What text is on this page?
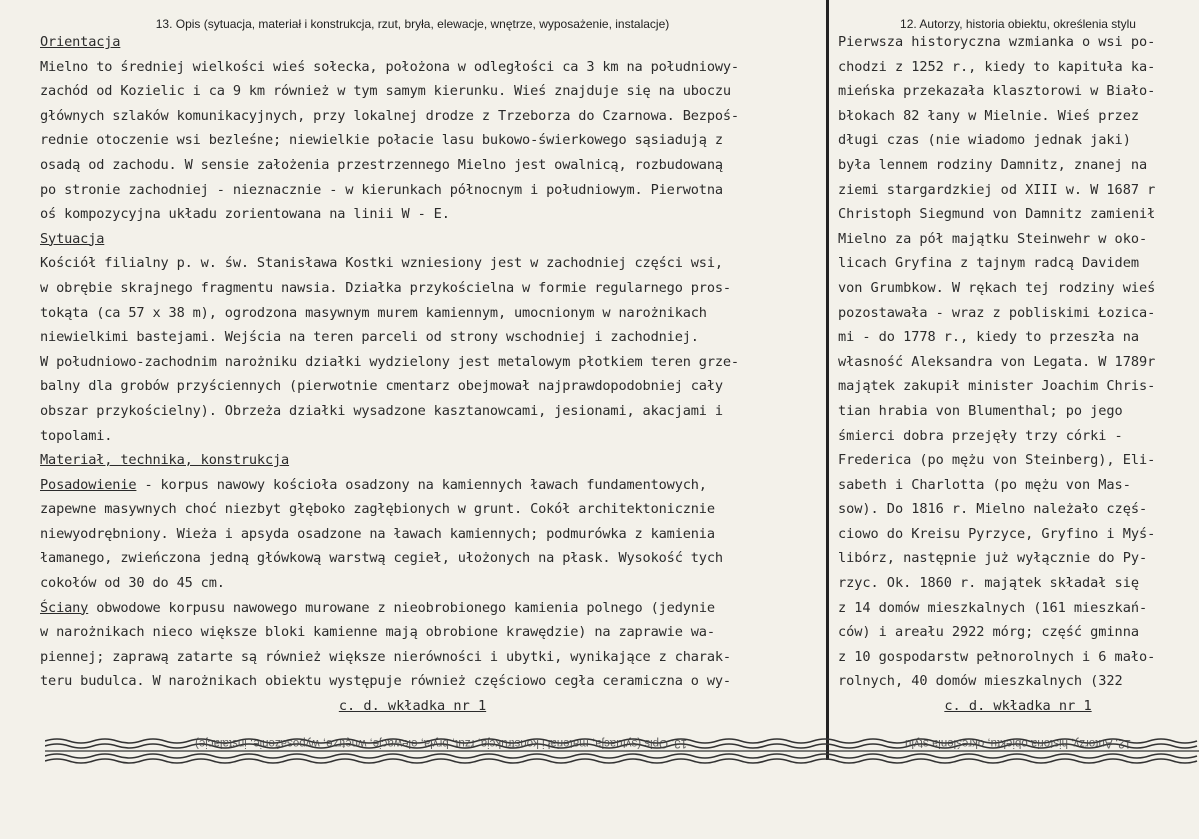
13. Opis (sytuacja, materiał i konstrukcja, rzut, bryła, elewacje, wnętrze, wyposażenie, instalacje)
Orientacja
Mielno to średniej wielkości wieś sołecka, położona w odległości ca 3 km na południowy-
zachód od Kozielic i ca 9 km również w tym samym kierunku. Wieś znajduje się na uboczu
głównych szlaków komunikacyjnych, przy lokalnej drodze z Trzeborza do Czarnowa. Bezpoś-
rednie otoczenie wsi bezleśne; niewielkie połacie lasu bukowo-świerkowego sąsiadują z
osadą od zachodu. W sensie założenia przestrzennego Mielno jest owalnicą, rozbudowaną
po stronie zachodniej - nieznacznie - w kierunkach północnym i południowym. Pierwotna
oś kompozycyjna układu zorientowana na linii W - E.
Sytuacja
Kościół filialny p. w. św. Stanisława Kostki wzniesiony jest w zachodniej części wsi,
w obrębie skrajnego fragmentu nawsia. Działka przykościelna w formie regularnego pros-
tokąta (ca 57 x 38 m), ogrodzona masywnym murem kamiennym, umocnionym w narożnikach
niewielkimi bastejami. Wejścia na teren parceli od strony wschodniej i zachodniej.
W południowo-zachodnim narożniku działki wydzielony jest metalowym płotkiem teren grze-
balny dla grobów przyściennych (pierwotnie cmentarz obejmował najprawdopodobniej cały
obszar przykościelny). Obrzeża działki wysadzone kasztanowcami, jesionami, akacjami i
topolami.
Materiał, technika, konstrukcja
Posadowienie - korpus nawowy kościoła osadzony na kamiennych ławach fundamentowych,
zapewne masywnych choć niezbyt głęboko zagłębionych w grunt. Cokół architektonicznie
niewyodrębniony. Wieża i apsyda osadzone na ławach kamiennych; podmurówka z kamienia
łamanego, zwieńczona jedną główkową warstwą cegieł, ułożonych na płask. Wysokość tych
cokołów od 30 do 45 cm.
Ściany obwodowe korpusu nawowego murowane z nieobrobionego kamienia polnego (jedynie
w narożnikach nieco większe bloki kamienne mają obrobione krawędzie) na zaprawie wa-
piennej; zaprawą zatarte są również większe nierówności i ubytki, wynikające z charak-
teru budulca. W narożnikach obiektu występuje również częściowo cegła ceramiczna o wy-
c. d. wkładka nr 1
12. Autorzy, historia obiektu, określenia stylu
Pierwsza historyczna wzmianka o wsi po-
chodzi z 1252 r., kiedy to kapituła ka-
mieńska przekazała klasztorowi w Biało-
błokach 82 łany w Mielnie. Wieś przez
długi czas (nie wiadomo jednak jaki)
była lennem rodziny Damnitz, znanej na
ziemi stargardzkiej od XIII w. W 1687 r
Christoph Siegmund von Damnitz zamienił
Mielno za pół majątku Steinwehr w oko-
licach Gryfina z tajnym radcą Davidem
von Grumbkow. W rękach tej rodziny wieś
pozostawała - wraz z pobliskimi Łozica-
mi - do 1778 r., kiedy to przeszła na
własność Aleksandra von Legata. W 1789r
majątek zakupił minister Joachim Chris-
tian hrabia von Blumenthal; po jego
śmierci dobra przejęły trzy córki -
Frederica (po mężu von Steinberg), Eli-
sabeth i Charlotta (po mężu von Mas-
sow). Do 1816 r. Mielno należało częś-
ciowo do Kreisu Pyrzyce, Gryfino i Myś-
libórz, następnie już wyłącznie do Py-
rzyc. Ok. 1860 r. majątek składał się
z 14 domów mieszkalnych (161 mieszkań-
ców) i areału 2922 mórg; część gminna
z 10 gospodarstw pełnorolnych i 6 mało-
rolnych, 40 domów mieszkalnych (322
c. d. wkładka nr 1
13. Opis (sytuacja, materiał i konstrukcja, rzut, bryła, elewacje, wnętrze, wyposażenie, instalacje)	12. Autorzy, historia obiektu, określenia stylu
